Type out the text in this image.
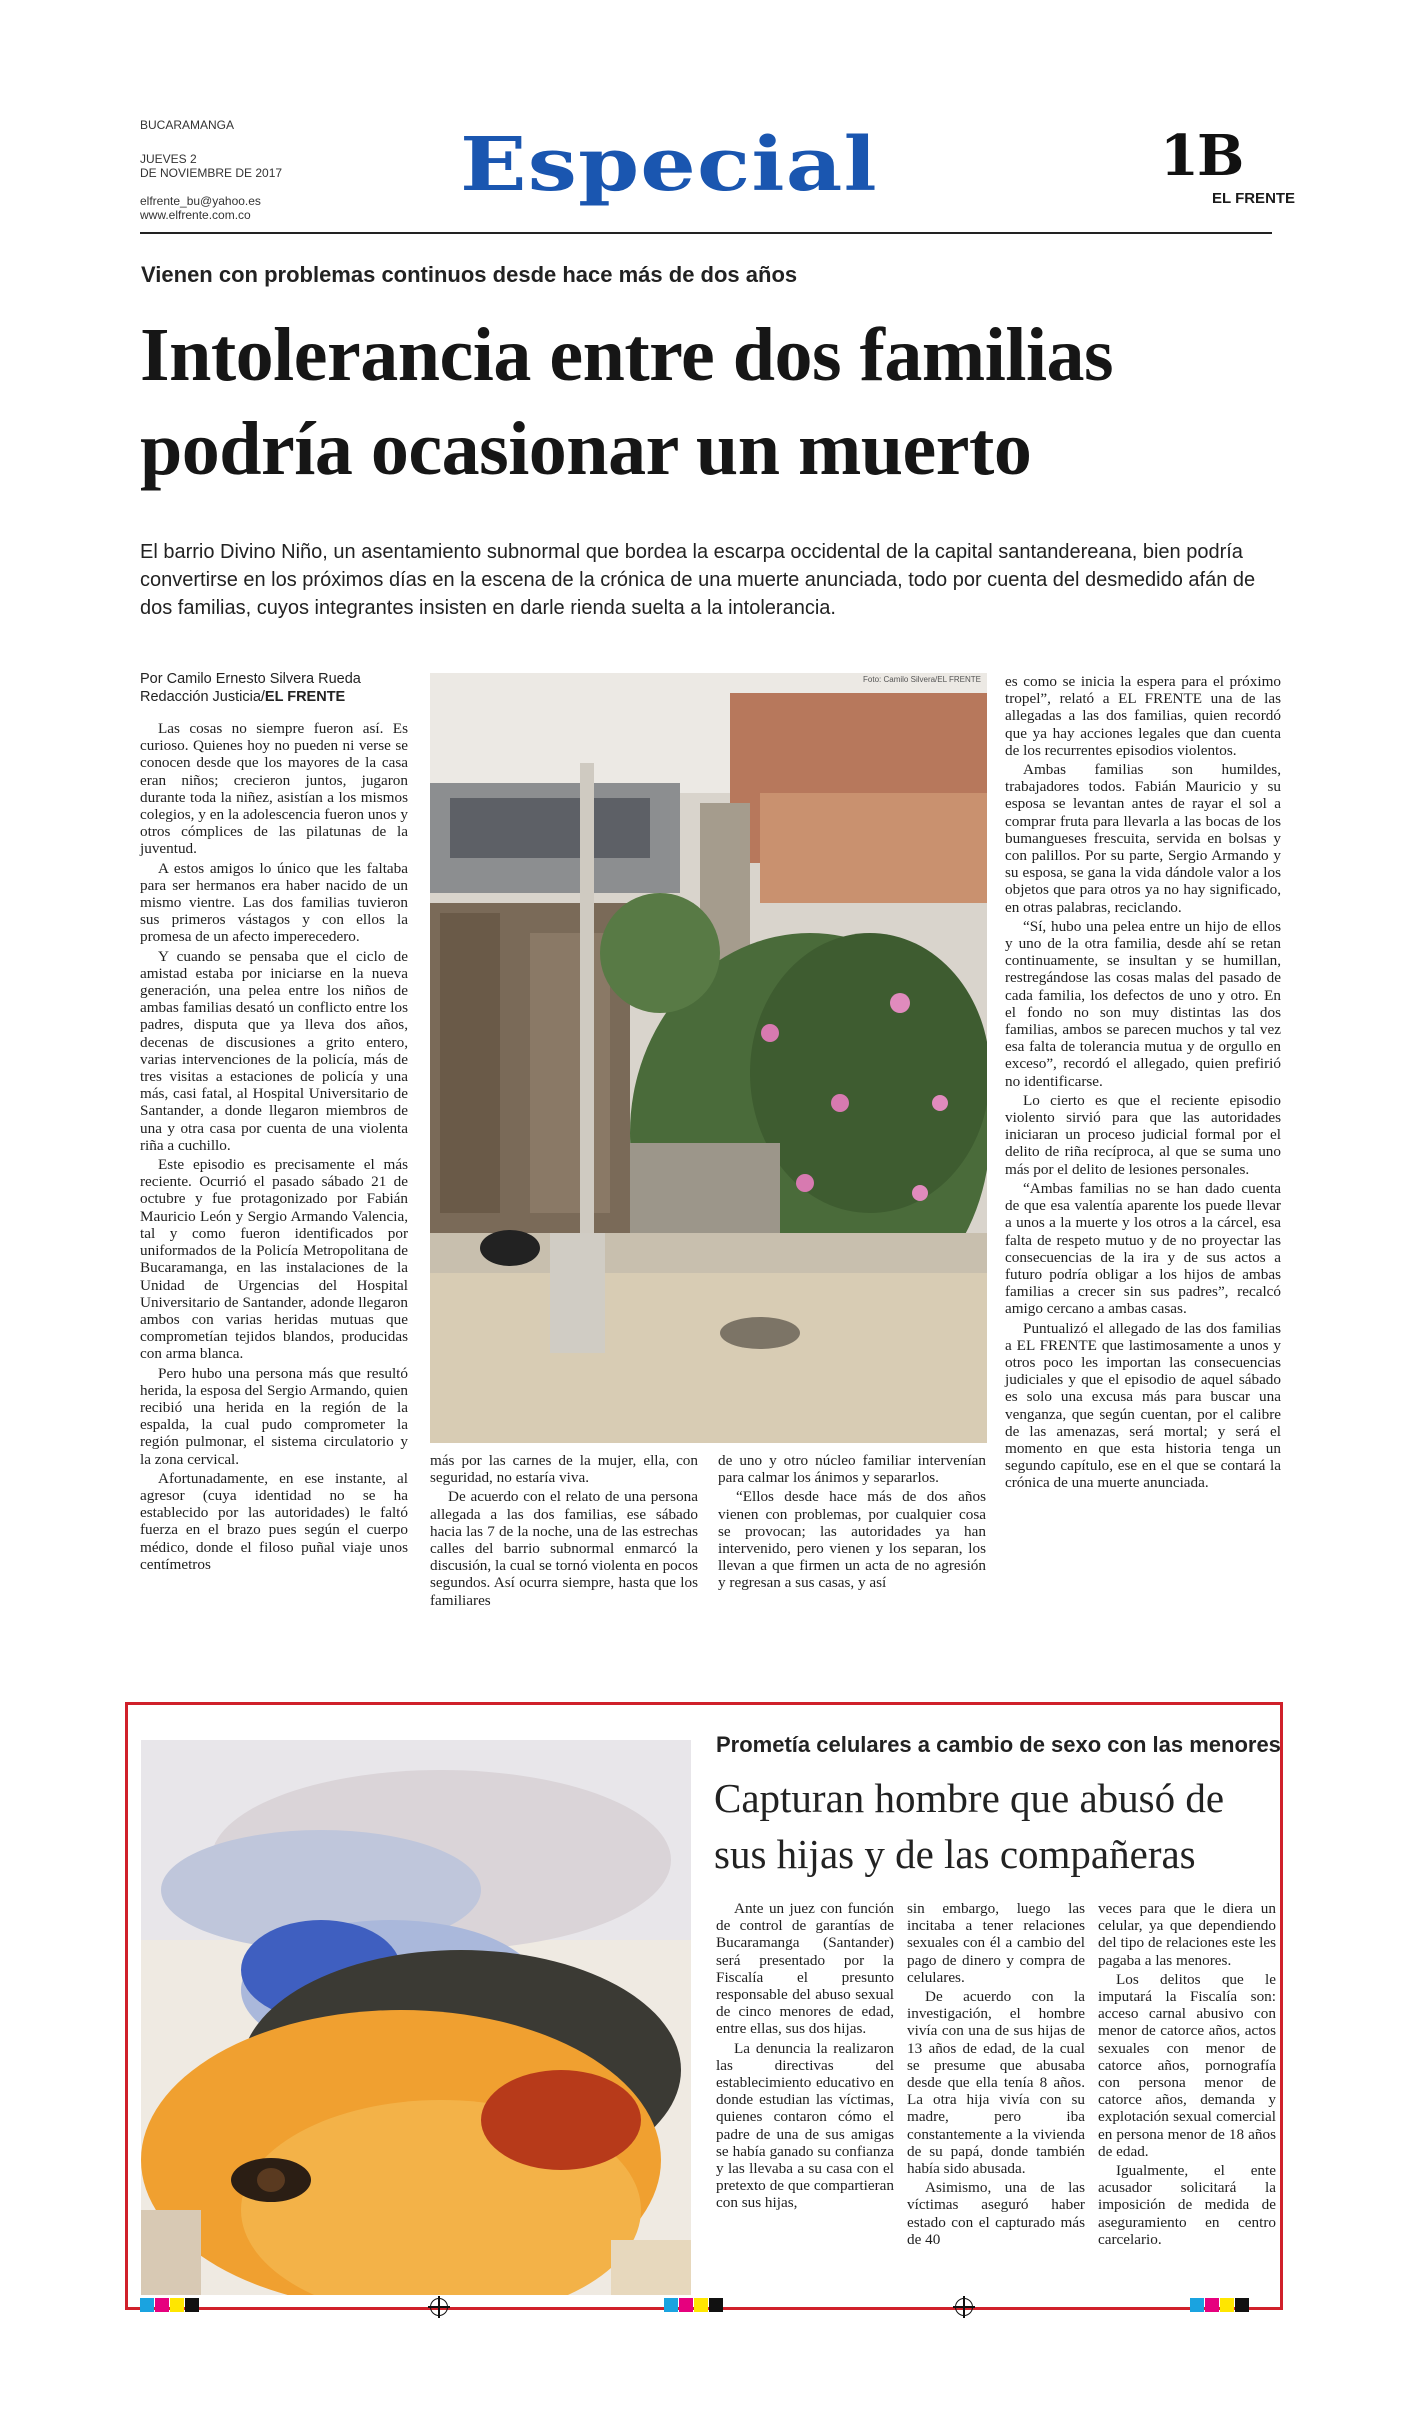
BUCARAMANGA
JUEVES 2
DE NOVIEMBRE DE 2017
elfrente_bu@yahoo.es
www.elfrente.com.co
Especial	1B
EL FRENTE
Vienen con problemas continuos desde hace más de dos años
Intolerancia entre dos familias
podría ocasionar un muerto
El barrio Divino Niño, un asentamiento subnormal que bordea la escarpa occidental de la capital santandereana, bien podría convertirse en los próximos días en la escena de la crónica de una muerte anunciada, todo por cuenta del desmedido afán de dos familias, cuyos integrantes insisten en darle rienda suelta a la intolerancia.
Por Camilo Ernesto Silvera Rueda
Redacción Justicia/EL FRENTE

Las cosas no siempre fueron así. Es curioso. Quienes hoy no pueden ni verse se conocen desde que los mayores de la casa eran niños; crecieron juntos, jugaron durante toda la niñez, asistían a los mismos colegios, y en la adolescencia fueron unos y otros cómplices de las pilatunas de la juventud.

A estos amigos lo único que les faltaba para ser hermanos era haber nacido de un mismo vientre. Las dos familias tuvieron sus primeros vástagos y con ellos la promesa de un afecto imperecedero.

Y cuando se pensaba que el ciclo de amistad estaba por iniciarse en la nueva generación, una pelea entre los niños de ambas familias desató un conflicto entre los padres, disputa que ya lleva dos años, decenas de discusiones a grito entero, varias intervenciones de la policía, más de tres visitas a estaciones de policía y una más, casi fatal, al Hospital Universitario de Santander, a donde llegaron miembros de una y otra casa por cuenta de una violenta riña a cuchillo.

Este episodio es precisamente el más reciente. Ocurrió el pasado sábado 21 de octubre y fue protagonizado por Fabián Mauricio León y Sergio Armando Valencia, tal y como fueron identificados por uniformados de la Policía Metropolitana de Bucaramanga, en las instalaciones de la Unidad de Urgencias del Hospital Universitario de Santander, adonde llegaron ambos con varias heridas mutuas que comprometían tejidos blandos, producidas con arma blanca.

Pero hubo una persona más que resultó herida, la esposa del Sergio Armando, quien recibió una herida en la región de la espalda, la cual pudo comprometer la región pulmonar, el sistema circulatorio y la zona cervical.

Afortunadamente, en ese instante, al agresor (cuya identidad no se ha establecido por las autoridades) le faltó fuerza en el brazo pues según el cuerpo médico, donde el filoso puñal viaje unos centímetros

Foto: Camilo Silvera/EL FRENTE

más por las carnes de la mujer, ella, con seguridad, no estaría viva.

De acuerdo con el relato de una persona allegada a las dos familias, ese sábado hacia las 7 de la noche, una de las estrechas calles del barrio subnormal enmarcó la discusión, la cual se tornó violenta en pocos segundos. Así ocurra siempre, hasta que los familiares

de uno y otro núcleo familiar intervenían para calmar los ánimos y separarlos.

“Ellos desde hace más de dos años vienen con problemas, por cualquier cosa se provocan; las autoridades ya han intervenido, pero vienen y los separan, los llevan a que firmen un acta de no agresión y regresan a sus casas, y así

es como se inicia la espera para el próximo tropel”, relató a EL FRENTE una de las allegadas a las dos familias, quien recordó que ya hay acciones legales que dan cuenta de los recurrentes episodios violentos.

Ambas familias son humildes, trabajadores todos. Fabián Mauricio y su esposa se levantan antes de rayar el sol a comprar fruta para llevarla a las bocas de los bumangueses frescuita, servida en bolsas y con palillos. Por su parte, Sergio Armando y su esposa, se gana la vida dándole valor a los objetos que para otros ya no hay significado, en otras palabras, reciclando.

“Sí, hubo una pelea entre un hijo de ellos y uno de la otra familia, desde ahí se retan continuamente, se insultan y se humillan, restregándose las cosas malas del pasado de cada familia, los defectos de uno y otro. En el fondo no son muy distintas las dos familias, ambos se parecen muchos y tal vez esa falta de tolerancia mutua y de orgullo en exceso”, recordó el allegado, quien prefirió no identificarse.

Lo cierto es que el reciente episodio violento sirvió para que las autoridades iniciaran un proceso judicial formal por el delito de riña recíproca, al que se suma uno más por el delito de lesiones personales.

“Ambas familias no se han dado cuenta de que esa valentía aparente los puede llevar a unos a la muerte y los otros a la cárcel, esa falta de respeto mutuo y de no proyectar las consecuencias de la ira y de sus actos a futuro podría obligar a los hijos de ambas familias a crecer sin sus padres”, recalcó amigo cercano a ambas casas.

Puntualizó el allegado de las dos familias a EL FRENTE que lastimosamente a unos y otros poco les importan las consecuencias judiciales y que el episodio de aquel sábado es solo una excusa más para buscar una venganza, que según cuentan, por el calibre de las amenazas, será mortal; y será el momento en que esta historia tenga un segundo capítulo, ese en el que se contará la crónica de una muerte anunciada.

Prometía celulares a cambio de sexo con las menores
Capturan hombre que abusó de sus hijas y de las compañeras

Ante un juez con función de control de garantías de Bucaramanga (Santander) será presentado por la Fiscalía el presunto responsable del abuso sexual de cinco menores de edad, entre ellas, sus dos hijas.

La denuncia la realizaron las directivas del establecimiento educativo en donde estudian las víctimas, quienes contaron cómo el padre de una de sus amigas se había ganado su confianza y las llevaba a su casa con el pretexto de que compartieran con sus hijas,

sin embargo, luego las incitaba a tener relaciones sexuales con él a cambio del pago de dinero y compra de celulares.

De acuerdo con la investigación, el hombre vivía con una de sus hijas de 13 años de edad, de la cual se presume que abusaba desde que ella tenía 8 años. La otra hija vivía con su madre, pero iba constantemente a la vivienda de su papá, donde también había sido abusada.

Asimismo, una de las víctimas aseguró haber estado con el capturado más de 40

veces para que le diera un celular, ya que dependiendo del tipo de relaciones este les pagaba a las menores.

Los delitos que le imputará la Fiscalía son: acceso carnal abusivo con menor de catorce años, actos sexuales con menor de catorce años, pornografía con persona menor de catorce años, demanda y explotación sexual comercial en persona menor de 18 años de edad.

Igualmente, el ente acusador solicitará la imposición de medida de aseguramiento en centro carcelario.
